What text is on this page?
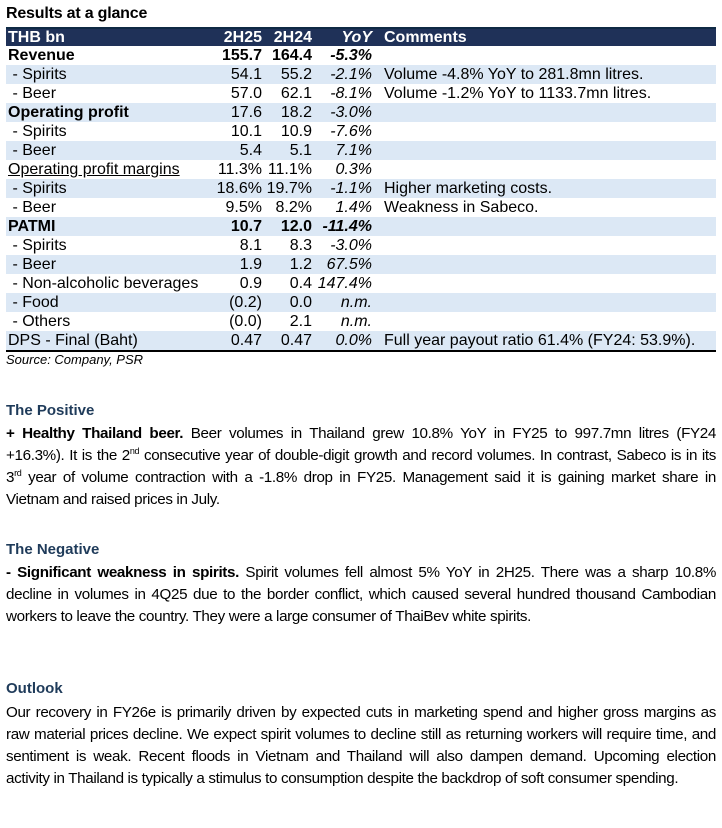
Results at a glance
THB bn	2H25 2H24	YoY Comments
Revenue	155.7 164.4	-5.3%
- Spirits	54.1	55.2	-2.1% Volume -4.8% YoY to 281.8mn litres.
- Beer	57.0	62.1	-8.1% Volume -1.2% YoY to 1133.7mn litres.
Operating profit	17.6	18.2	-3.0%
- Spirits	10.1	10.9	-7.6%
- Beer	5.4	5.1	7.1%
Operating profit margins	11.3% 11.1%	0.3%
- Spirits	18.6% 19.7%	-1.1% Higher marketing costs.
- Beer	9.5% 8.2%	1.4% Weakness in Sabeco.
PATMI	10.7	12.0 -11.4%
- Spirits	8.1	8.3	-3.0%
- Beer	1.9	1.2 67.5%
- Non-alcoholic beverages	0.9	0.4 147.4%
- Food	(0.2)	0.0	n.m.
- Others	(0.0)	2.1	n.m.
DPS - Final (Baht)	0.47	0.47	0.0% Full year payout ratio 61.4% (FY24: 53.9%).
Source: Company, PSR
The Positive
+ Healthy Thailand beer. Beer volumes in Thailand grew 10.8% YoY in FY25 to 997.7mn litres (FY24 +16.3%). It is the 2nd consecutive year of double-digit growth and record volumes. In contrast, Sabeco is in its 3rd year of volume contraction with a -1.8% drop in FY25. Management said it is gaining market share in Vietnam and raised prices in July.
The Negative
- Significant weakness in spirits. Spirit volumes fell almost 5% YoY in 2H25. There was a sharp 10.8% decline in volumes in 4Q25 due to the border conflict, which caused several hundred thousand Cambodian workers to leave the country. They were a large consumer of ThaiBev white spirits.
Outlook
Our recovery in FY26e is primarily driven by expected cuts in marketing spend and higher gross margins as raw material prices decline. We expect spirit volumes to decline still as returning workers will require time, and sentiment is weak. Recent floods in Vietnam and Thailand will also dampen demand. Upcoming election activity in Thailand is typically a stimulus to consumption despite the backdrop of soft consumer spending.
